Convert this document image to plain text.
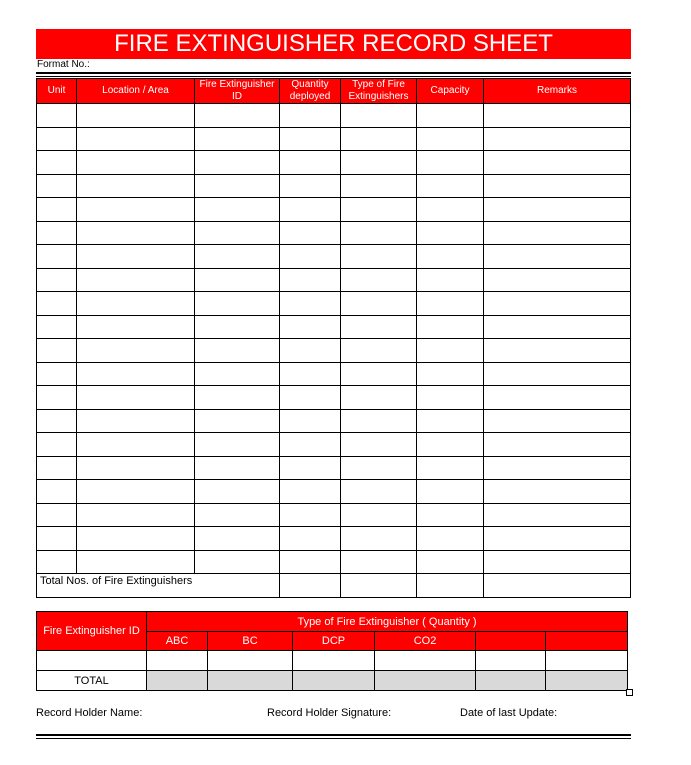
FIRE EXTINGUISHER RECORD SHEET
Format No.:
Unit	Location / Area	Fire Extinguisher ID	Quantity deployed	Type of Fire Extinguishers	Capacity	Remarks

Total Nos. of Fire Extinguishers						
Fire Extinguisher ID	Type of Fire Extinguisher ( Quantity )					
	ABC	BC	DCP	CO2		

TOTAL						
Record Holder Name:	Record Holder Signature:	Date of last Update:
